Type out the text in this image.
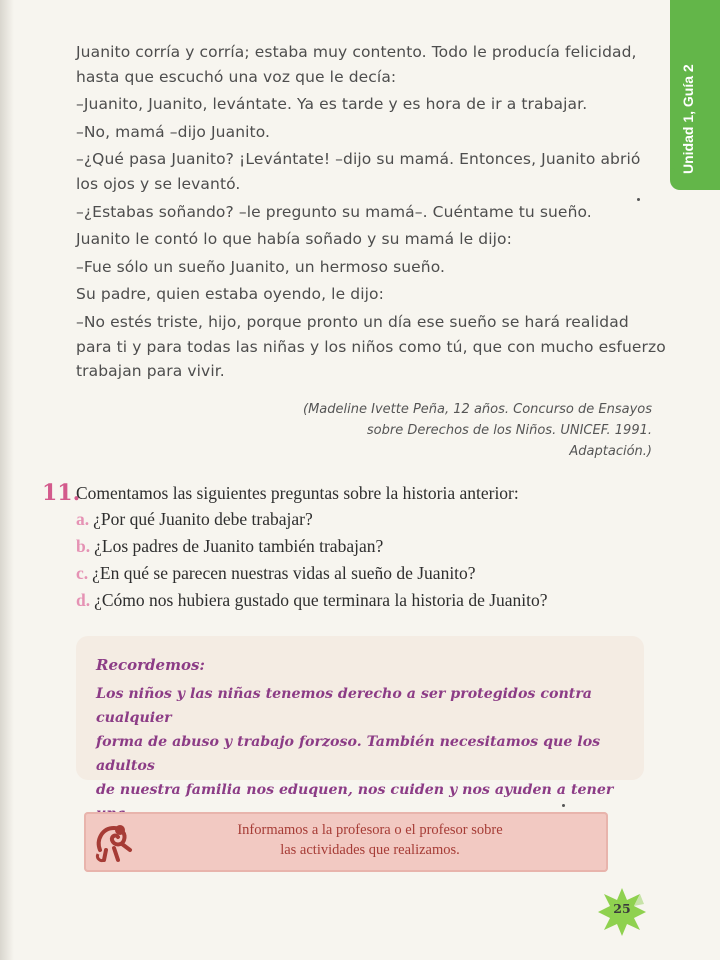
Unidad 1, Guía 2

Juanito corría y corría; estaba muy contento. Todo le producía felicidad,

hasta que escuchó una voz que le decía:

–Juanito, Juanito, levántate. Ya es tarde y es hora de ir a trabajar.

–No, mamá –dijo Juanito.

–¿Qué pasa Juanito? ¡Levántate! –dijo su mamá. Entonces, Juanito abrió

los ojos y se levantó.

–¿Estabas soñando? –le pregunto su mamá–. Cuéntame tu sueño.

Juanito le contó lo que había soñado y su mamá le dijo:

–Fue sólo un sueño Juanito, un hermoso sueño.

Su padre, quien estaba oyendo, le dijo:

–No estés triste, hijo, porque pronto un día ese sueño se hará realidad

para ti y para todas las niñas y los niños como tú, que con mucho esfuerzo

trabajan para vivir.

(Madeline Ivette Peña, 12 años. Concurso de Ensayos
sobre Derechos de los Niños. UNICEF. 1991.
Adaptación.)
11.
Comentamos las siguientes preguntas sobre la historia anterior:
a. ¿Por qué Juanito debe trabajar?
b. ¿Los padres de Juanito también trabajan?
c. ¿En qué se parecen nuestras vidas al sueño de Juanito?
d. ¿Cómo nos hubiera gustado que terminara la historia de Juanito?
Recordemos:
Los niños y las niñas tenemos derecho a ser protegidos contra cualquier
forma de abuso y trabajo forzoso. También necesitamos que los adultos
de nuestra familia nos eduquen, nos cuiden y nos ayuden a tener
Informamos a la profesora o el profesor sobre
las actividades que realizamos.
25
